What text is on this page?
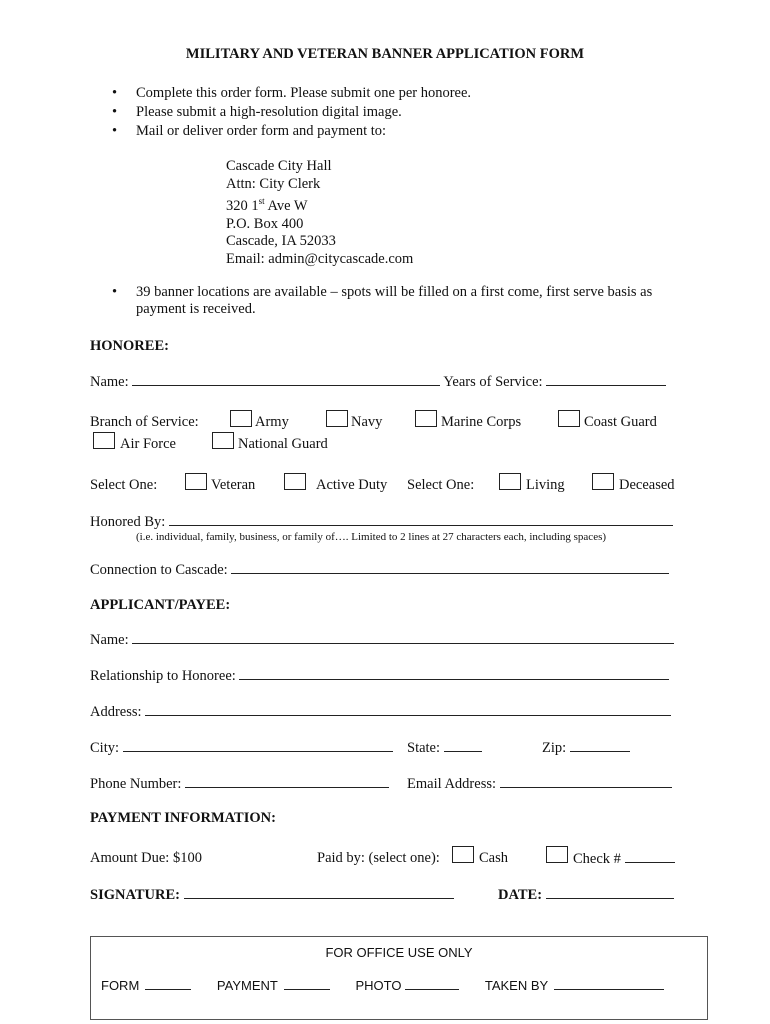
MILITARY AND VETERAN BANNER APPLICATION FORM
• Complete this order form. Please submit one per honoree.
• Please submit a high-resolution digital image.
• Mail or deliver order form and payment to:
Cascade City Hall
Attn: City Clerk
320 1st Ave W
P.O. Box 400
Cascade, IA 52033
Email: admin@citycascade.com
• 39 banner locations are available – spots will be filled on a first come, first serve basis as payment is received.
HONOREE:
Name:	Years of Service:
Branch of Service:	Army	Navy	Marine Corps	Coast Guard
Air Force	National Guard
Select One:	Veteran	Active Duty Select One:	Living	Deceased
Honored By:
(i.e. individual, family, business, or family of…. Limited to 2 lines at 27 characters each, including spaces)
Connection to Cascade:
APPLICANT/PAYEE:
Name:
Relationship to Honoree:
Address:
City:	State:	Zip:
Phone Number:	Email Address:
PAYMENT INFORMATION:
Amount Due: $100	Paid by: (select one):	Cash	Check #
SIGNATURE:	DATE:
FOR OFFICE USE ONLY
FORM	PAYMENT	PHOTO	TAKEN BY
